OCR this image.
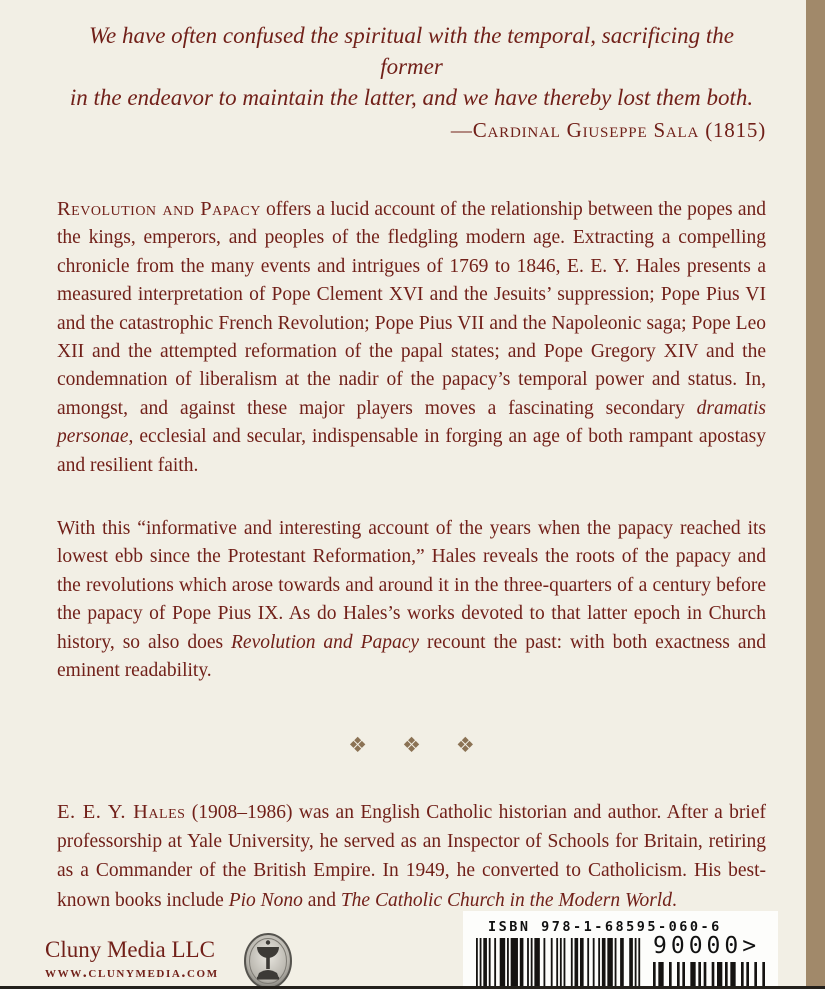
We have often confused the spiritual with the temporal, sacrificing the former
in the endeavor to maintain the latter, and we have thereby lost them both.
—Cardinal Giuseppe Sala (1815)
Revolution and Papacy offers a lucid account of the relationship between the popes and the kings, emperors, and peoples of the fledgling modern age. Extracting a compelling chronicle from the many events and intrigues of 1769 to 1846, E. E. Y. Hales presents a measured interpretation of Pope Clement XVI and the Jesuits’ suppression; Pope Pius VI and the catastrophic French Revolution; Pope Pius VII and the Napoleonic saga; Pope Leo XII and the attempted reformation of the papal states; and Pope Gregory XIV and the condemnation of liberalism at the nadir of the papacy’s temporal power and status. In, amongst, and against these major players moves a fascinating secondary dramatis personae, ecclesial and secular, indispensable in forging an age of both rampant apostasy and resilient faith.
With this “informative and interesting account of the years when the papacy reached its lowest ebb since the Protestant Reformation,” Hales reveals the roots of the papacy and the revolutions which arose towards and around it in the three-quarters of a century before the papacy of Pope Pius IX. As do Hales’s works devoted to that latter epoch in Church history, so also does Revolution and Papacy recount the past: with both exactness and eminent readability.
❖ ❖ ❖
E. E. Y. Hales (1908–1986) was an English Catholic historian and author. After a brief professorship at Yale University, he served as an Inspector of Schools for Britain, retiring as a Commander of the British Empire. In 1949, he converted to Catholicism. His best-known books include Pio Nono and The Catholic Church in the Modern World.
Cluny Media LLC
www.clunymedia.com
ISBN 978-1-68595-060-6
90000>
